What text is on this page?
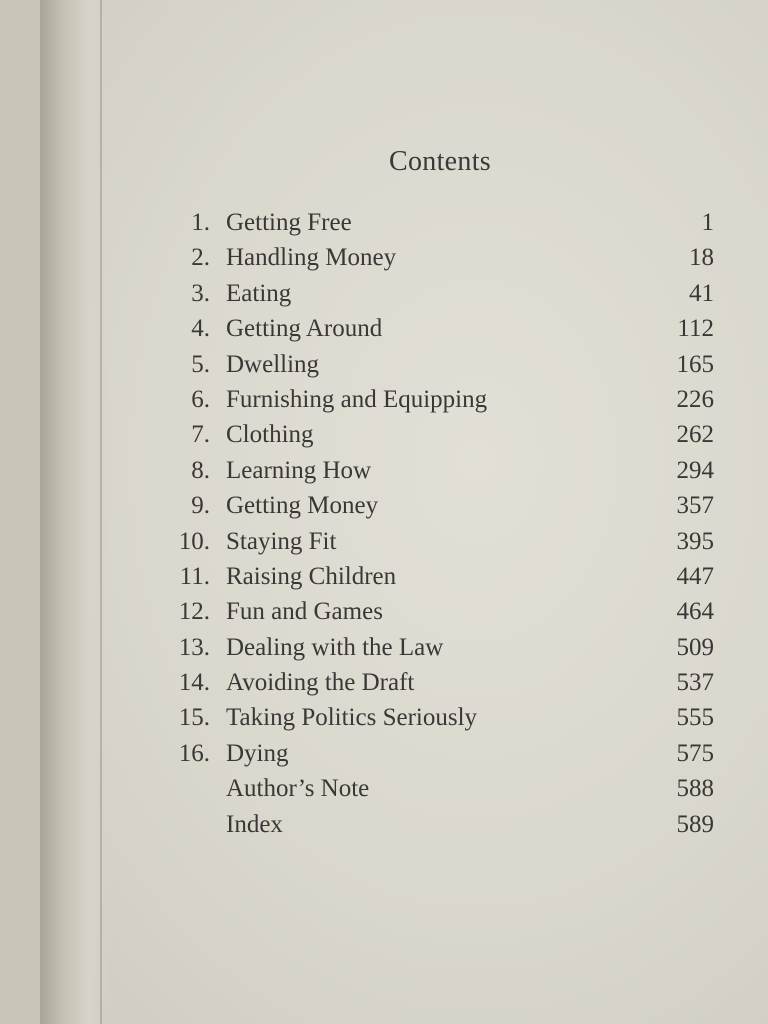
Contents
1. Getting Free	1
2. Handling Money	18
3. Eating	41
4. Getting Around	112
5. Dwelling	165
6. Furnishing and Equipping	226
7. Clothing	262
8. Learning How	294
9. Getting Money	357
10. Staying Fit	395
11. Raising Children	447
12. Fun and Games	464
13. Dealing with the Law	509
14. Avoiding the Draft	537
15. Taking Politics Seriously	555
16. Dying	575
Author’s Note	588
Index	589
